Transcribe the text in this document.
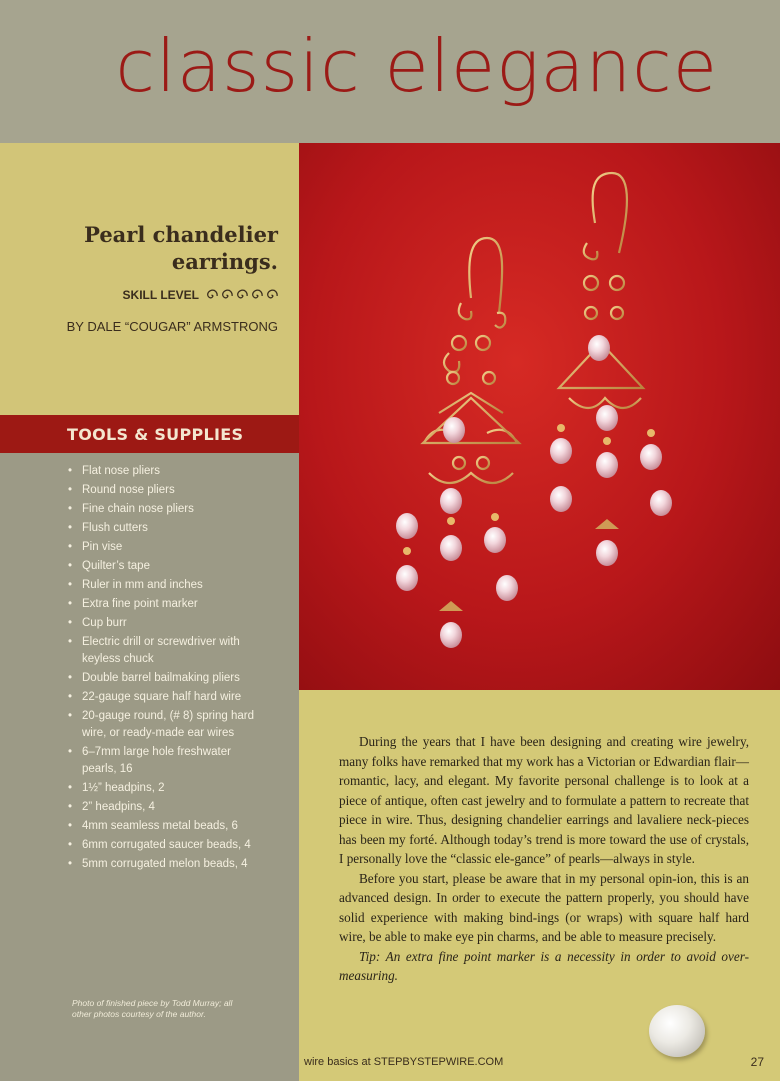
classic elegance
Pearl chandelier
earrings.
SKILL LEVEL
BY DALE “COUGAR” ARMSTRONG
TOOLS & SUPPLIES
• Flat nose pliers
• Round nose pliers
• Fine chain nose pliers
• Flush cutters
• Pin vise
• Quilter’s tape
• Ruler in mm and inches
• Extra fine point marker
• Cup burr
• Electric drill or screwdriver with keyless chuck
• Double barrel bailmaking pliers
• 22-gauge square half hard wire
• 20-gauge round, (# 8) spring hard wire, or ready-made ear wires
• 6–7mm large hole freshwater pearls, 16
• 1½” headpins, 2
• 2” headpins, 4
• 4mm seamless metal beads, 6
• 6mm corrugated saucer beads, 4
• 5mm corrugated melon beads, 4
Photo of finished piece by Todd Murray; all other photos courtesy of the author.

During the years that I have been designing and creating wire jewelry, many folks have remarked that my work has a Victorian or Edwardian flair—romantic, lacy, and elegant. My favorite personal challenge is to look at a piece of antique, often cast jewelry and to formulate a pattern to recreate that piece in wire. Thus, designing chandelier earrings and lavaliere neck-pieces has been my forté. Although today’s trend is more toward the use of crystals, I personally love the “classic ele-gance” of pearls—always in style.

Before you start, please be aware that in my personal opin-ion, this is an advanced design. In order to execute the pattern properly, you should have solid experience with making bind-ings (or wraps) with square half hard wire, be able to make eye pin charms, and be able to measure precisely.

Tip: An extra fine point marker is a necessity in order to avoid over-measuring.

wire basics at STEPBYSTEPWIRE.COM	27
